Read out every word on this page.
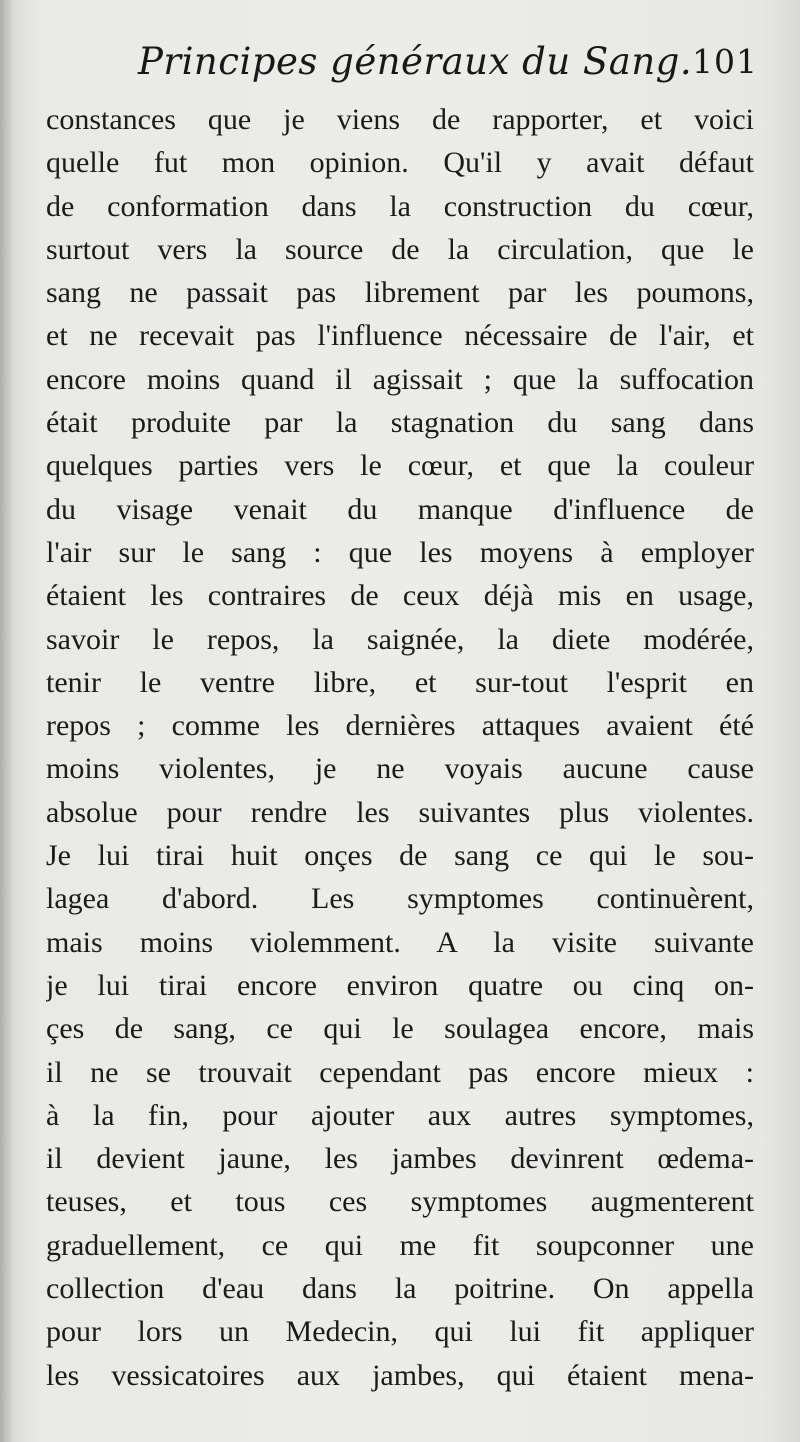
Principes généraux du Sang. 101
constances que je viens de rapporter, et voici
quelle fut mon opinion. Qu'il y avait défaut
de conformation dans la construction du cœur,
surtout vers la source de la circulation, que le
sang ne passait pas librement par les poumons,
et ne recevait pas l'influence nécessaire de l'air, et
encore moins quand il agissait ; que la suffocation
était produite par la stagnation du sang dans
quelques parties vers le cœur, et que la couleur
du visage venait du manque d'influence de
l'air sur le sang : que les moyens à employer
étaient les contraires de ceux déjà mis en usage,
savoir le repos, la saignée, la diete modérée,
tenir le ventre libre, et sur-tout l'esprit en
repos ; comme les dernières attaques avaient été
moins violentes, je ne voyais aucune cause
absolue pour rendre les suivantes plus violentes.
Je lui tirai huit onçes de sang ce qui le sou-
lagea d'abord. Les symptomes continuèrent,
mais moins violemment. A la visite suivante
je lui tirai encore environ quatre ou cinq on-
çes de sang, ce qui le soulagea encore, mais
il ne se trouvait cependant pas encore mieux :
à la fin, pour ajouter aux autres symptomes,
il devient jaune, les jambes devinrent œdema-
teuses, et tous ces symptomes augmenterent
graduellement, ce qui me fit soupconner une
collection d'eau dans la poitrine. On appella
pour lors un Medecin, qui lui fit appliquer
les vessicatoires aux jambes, qui étaient mena-
